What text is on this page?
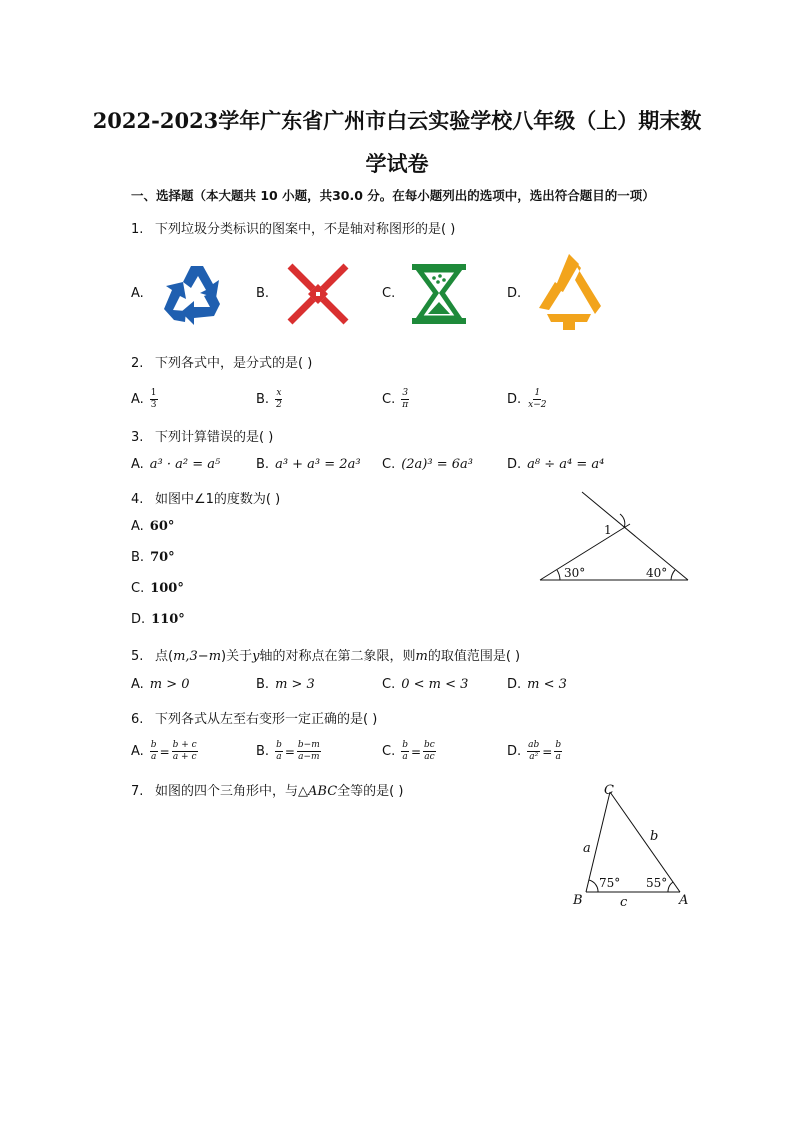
2022-2023学年广东省广州市白云实验学校八年级（上）期末数
学试卷
一、选择题（本大题共 10 小题，共30.0 分。在每小题列出的选项中，选出符合题目的一项）
1. 下列垃圾分类标识的图案中，不是轴对称图形的是( )
A.	B.	C.	D.
2. 下列各式中，是分式的是( )
A. $\frac{1}{3}$	B. $\frac{x}{2}$	C. $\frac{3}{\pi}$	D. $\frac{1}{x-2}$
3. 下列计算错误的是( )
A. a³ · a² = a⁵	B. a³ + a³ = 2a³ C. (2a)³ = 6a³	D. a⁸ ÷ a⁴ = a⁴
4. 如图中∠1的度数为( )
A. 60°
B. 70°
C. 100°
D. 110°
1
30°	40°
5. 点(m,3−m)关于y轴的对称点在第二象限，则m的取值范围是( )
A. m > 0	B. m > 3	C. 0 < m < 3	D. m < 3
6. 下列各式从左至右变形一定正确的是( )
A. $\frac{b}{a} = \frac{b + c}{a + c}$	B. $\frac{b}{a} = \frac{b-m}{a-m}$	C. $\frac{b}{a} = \frac{bc}{ac}$	D. $\frac{ab}{\text{a²}} = \frac{b}{a}$
7. 如图的四个三角形中，与△ABC全等的是( )	C
B	A
a
b
c
75° 55°
